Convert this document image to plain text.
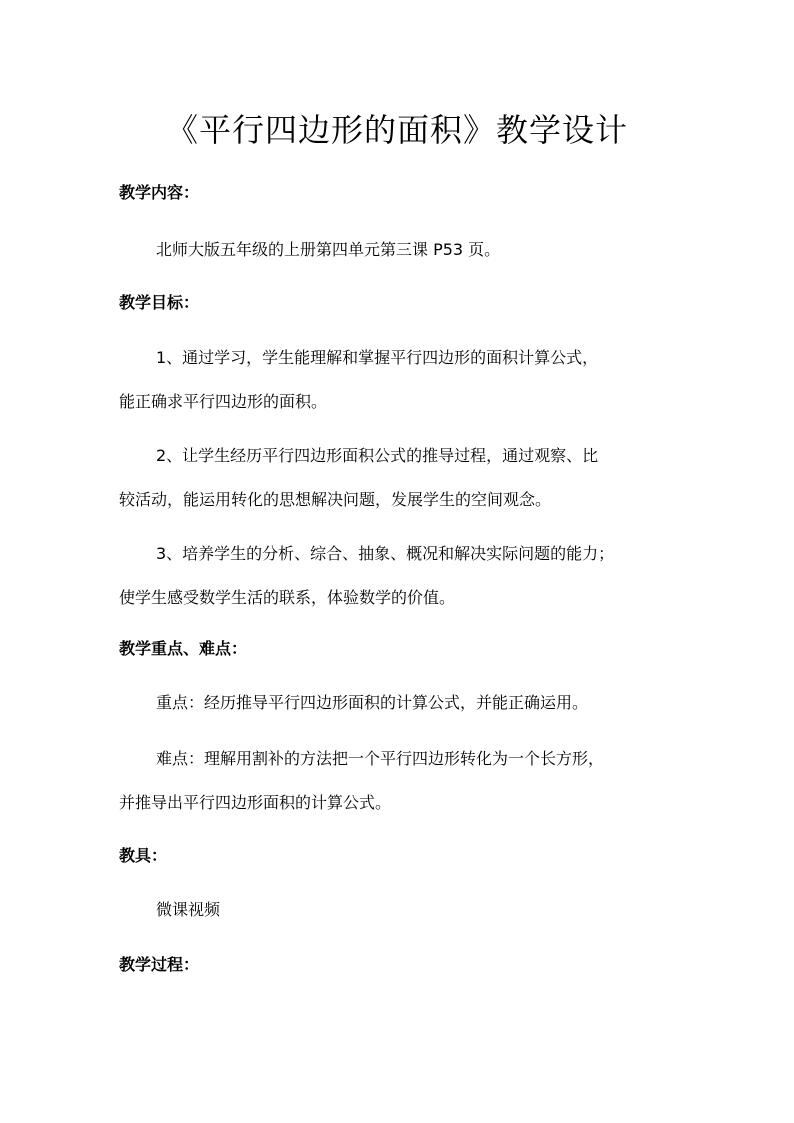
《平行四边形的面积》教学设计
教学内容：
北师大版五年级的上册第四单元第三课 P53 页。
教学目标：
1、通过学习，学生能理解和掌握平行四边形的面积计算公式，
能正确求平行四边形的面积。
2、让学生经历平行四边形面积公式的推导过程，通过观察、比
较活动，能运用转化的思想解决问题，发展学生的空间观念。
3、培养学生的分析、综合、抽象、概况和解决实际问题的能力；
使学生感受数学生活的联系，体验数学的价值。
教学重点、难点：
重点：经历推导平行四边形面积的计算公式，并能正确运用。
难点：理解用割补的方法把一个平行四边形转化为一个长方形，
并推导出平行四边形面积的计算公式。
教具：
微课视频
教学过程：
